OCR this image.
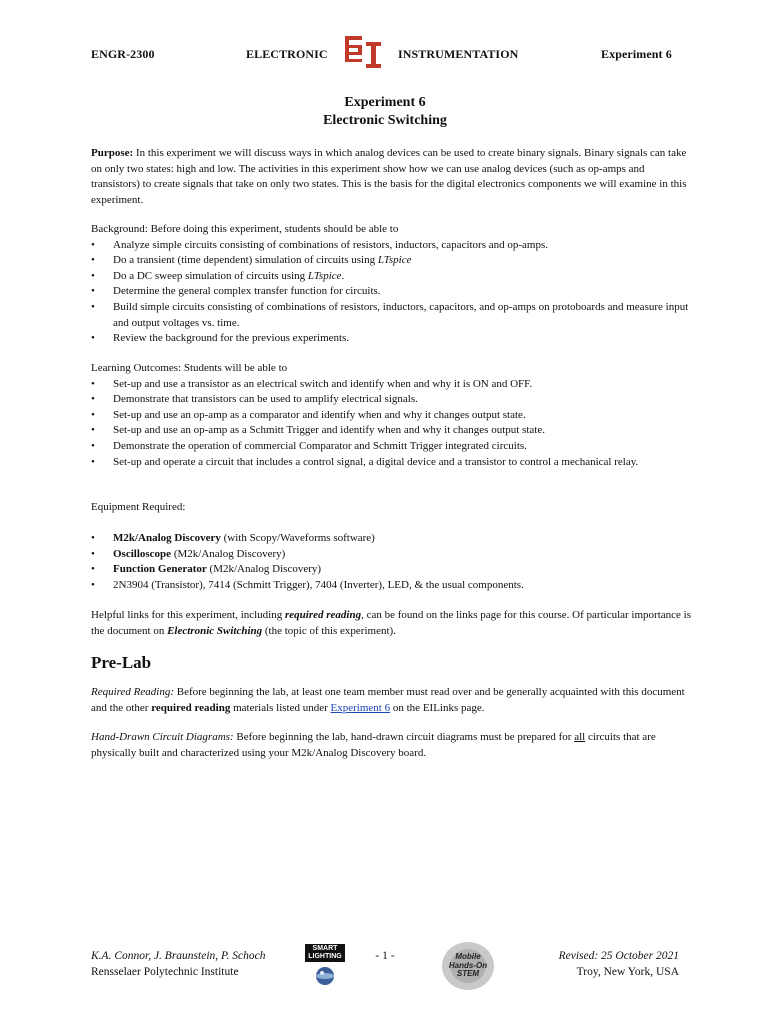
ENGR-2300	ELECTRONIC	INSTRUMENTATION	Experiment 6
Experiment 6
Electronic Switching

Purpose: In this experiment we will discuss ways in which analog devices can be used to create binary signals. Binary signals can take on only two states: high and low. The activities in this experiment show how we can use analog devices (such as op-amps and transistors) to create signals that take on only two states. This is the basis for the digital electronics components we will examine in this experiment.

Background: Before doing this experiment, students should be able to

• Analyze simple circuits consisting of combinations of resistors, inductors, capacitors and op-amps.
• Do a transient (time dependent) simulation of circuits using LTspice
• Do a DC sweep simulation of circuits using LTspice.
• Determine the general complex transfer function for circuits.
• Build simple circuits consisting of combinations of resistors, inductors, capacitors, and op-amps on protoboards and measure input and output voltages vs. time.
• Review the background for the previous experiments.

Learning Outcomes: Students will be able to

• Set-up and use a transistor as an electrical switch and identify when and why it is ON and OFF.
• Demonstrate that transistors can be used to amplify electrical signals.
• Set-up and use an op-amp as a comparator and identify when and why it changes output state.
• Set-up and use an op-amp as a Schmitt Trigger and identify when and why it changes output state.
• Demonstrate the operation of commercial Comparator and Schmitt Trigger integrated circuits.
• Set-up and operate a circuit that includes a control signal, a digital device and a transistor to control a mechanical relay.
Equipment Required:
• M2k/Analog Discovery (with Scopy/Waveforms software)
• Oscilloscope (M2k/Analog Discovery)
• Function Generator (M2k/Analog Discovery)
• 2N3904 (Transistor), 7414 (Schmitt Trigger), 7404 (Inverter), LED, & the usual components.

Helpful links for this experiment, including required reading, can be found on the links page for this course. Of particular importance is the document on Electronic Switching (the topic of this experiment).

Pre-Lab

Required Reading: Before beginning the lab, at least one team member must read over and be generally acquainted with this document and the other required reading materials listed under Experiment 6 on the EILinks page.

Hand-Drawn Circuit Diagrams: Before beginning the lab, hand-drawn circuit diagrams must be prepared for all circuits that are physically built and characterized using your M2k/Analog Discovery board.

K.A. Connor, J. Braunstein, P. Schoch
Rensselaer Polytechnic Institute
SMART
LIGHTING	- 1 -	Mobile
Hands-On
STEM
Revised: 25 October 2021
Troy, New York, USA
